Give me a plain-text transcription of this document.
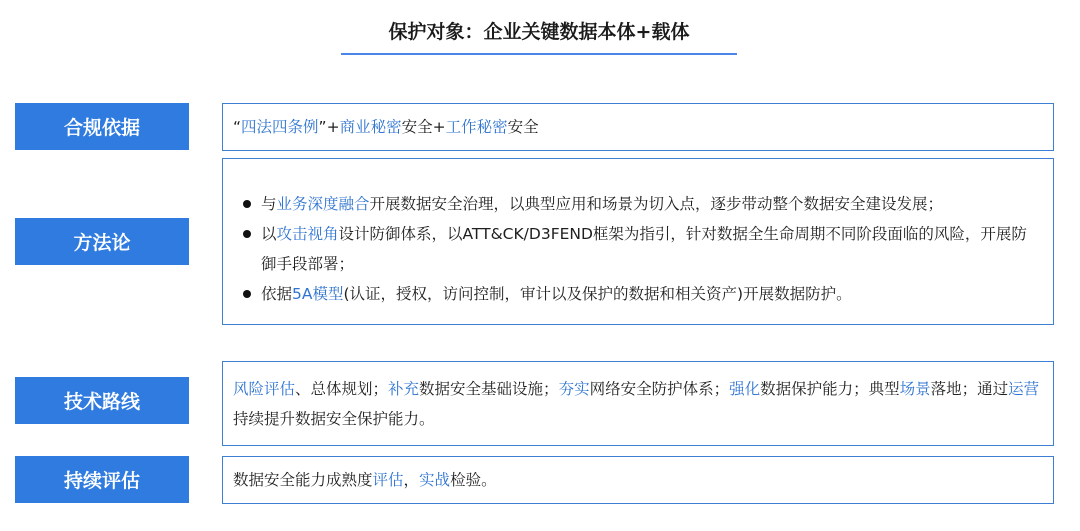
保护对象：企业关键数据本体+载体
合规依据	“四法四条例”+商业秘密安全+工作秘密安全
方法论
与业务深度融合开展数据安全治理，以典型应用和场景为切入点，逐步带动整个数据安全建设发展；
以攻击视角设计防御体系，以ATT&CK/D3FEND框架为指引，针对数据全生命周期不同阶段面临的风险，开展防御手段部署；
依据5A模型(认证，授权，访问控制，审计以及保护的数据和相关资产)开展数据防护。
技术路线
风险评估、总体规划；补充数据安全基础设施；夯实网络安全防护体系；强化数据保护能力；典型场景落地；通过运营持续提升数据安全保护能力。
持续评估	数据安全能力成熟度评估，实战检验。
